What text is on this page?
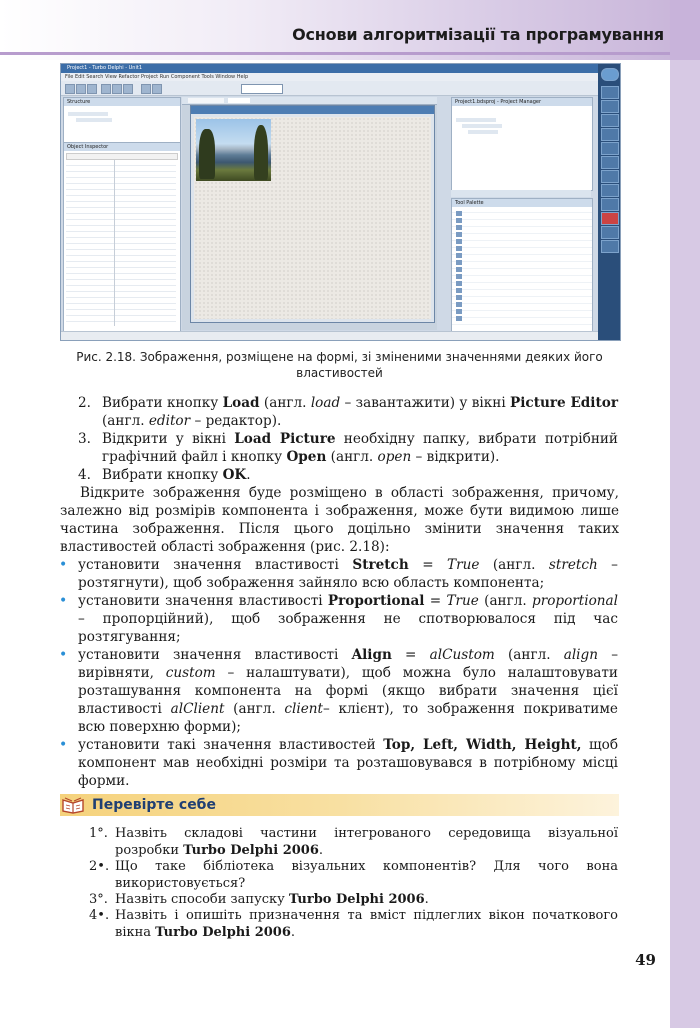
Основи алгоритмізації та програмування
Project1 - Turbo Delphi - Unit1
File Edit Search View Refactor Project Run Component Tools Window Help
Structure
Object Inspector
Project1.bdsproj - Project Manager
Tool Palette
Рис. 2.18. Зображення, розміщене на формі, зі зміненими значеннями деяких його властивостей
2. Вибрати кнопку Load (англ. load – завантажити) у вікні Picture Editor (англ. editor – редактор).
3. Відкрити у вікні Load Picture необхідну папку, вибрати потрібний графічний файл і кнопку Open (англ. open – відкрити).
4. Вибрати кнопку OK.
Відкрите зображення буде розміщено в області зображення, причому, залежно від розмірів компонента і зображення, може бути видимою лише частина зображення. Після цього доцільно змінити значення таких властивостей області зображення (рис. 2.18):
• установити значення властивості Stretch = True (англ. stretch – розтягнути), щоб зображення зайняло всю область компонента;
• установити значення властивості Proportional = True (англ. proportional – пропорційний), щоб зображення не спотворювалося під час розтягування;
• установити значення властивості Align = alCustom (англ. align – вирівняти, custom – налаштувати), щоб можна було налаштовувати розташування компонента на формі (якщо вибрати значення цієї властивості alClient (англ. client– клієнт), то зображення покриватиме всю поверхню форми);
• установити такі значення властивостей Top, Left, Width, Height, щоб компонент мав необхідні розміри та розташовувався в потрібному місці форми.
Перевірте себе
1°. Назвіть складові частини інтегрованого середовища візуальної розробки Turbo Delphi 2006.
2•. Що таке бібліотека візуальних компонентів? Для чого вона використовується?
3°. Назвіть способи запуску Turbo Delphi 2006.
4•. Назвіть і опишіть призначення та вміст підлеглих вікон початкового вікна Turbo Delphi 2006.
49
